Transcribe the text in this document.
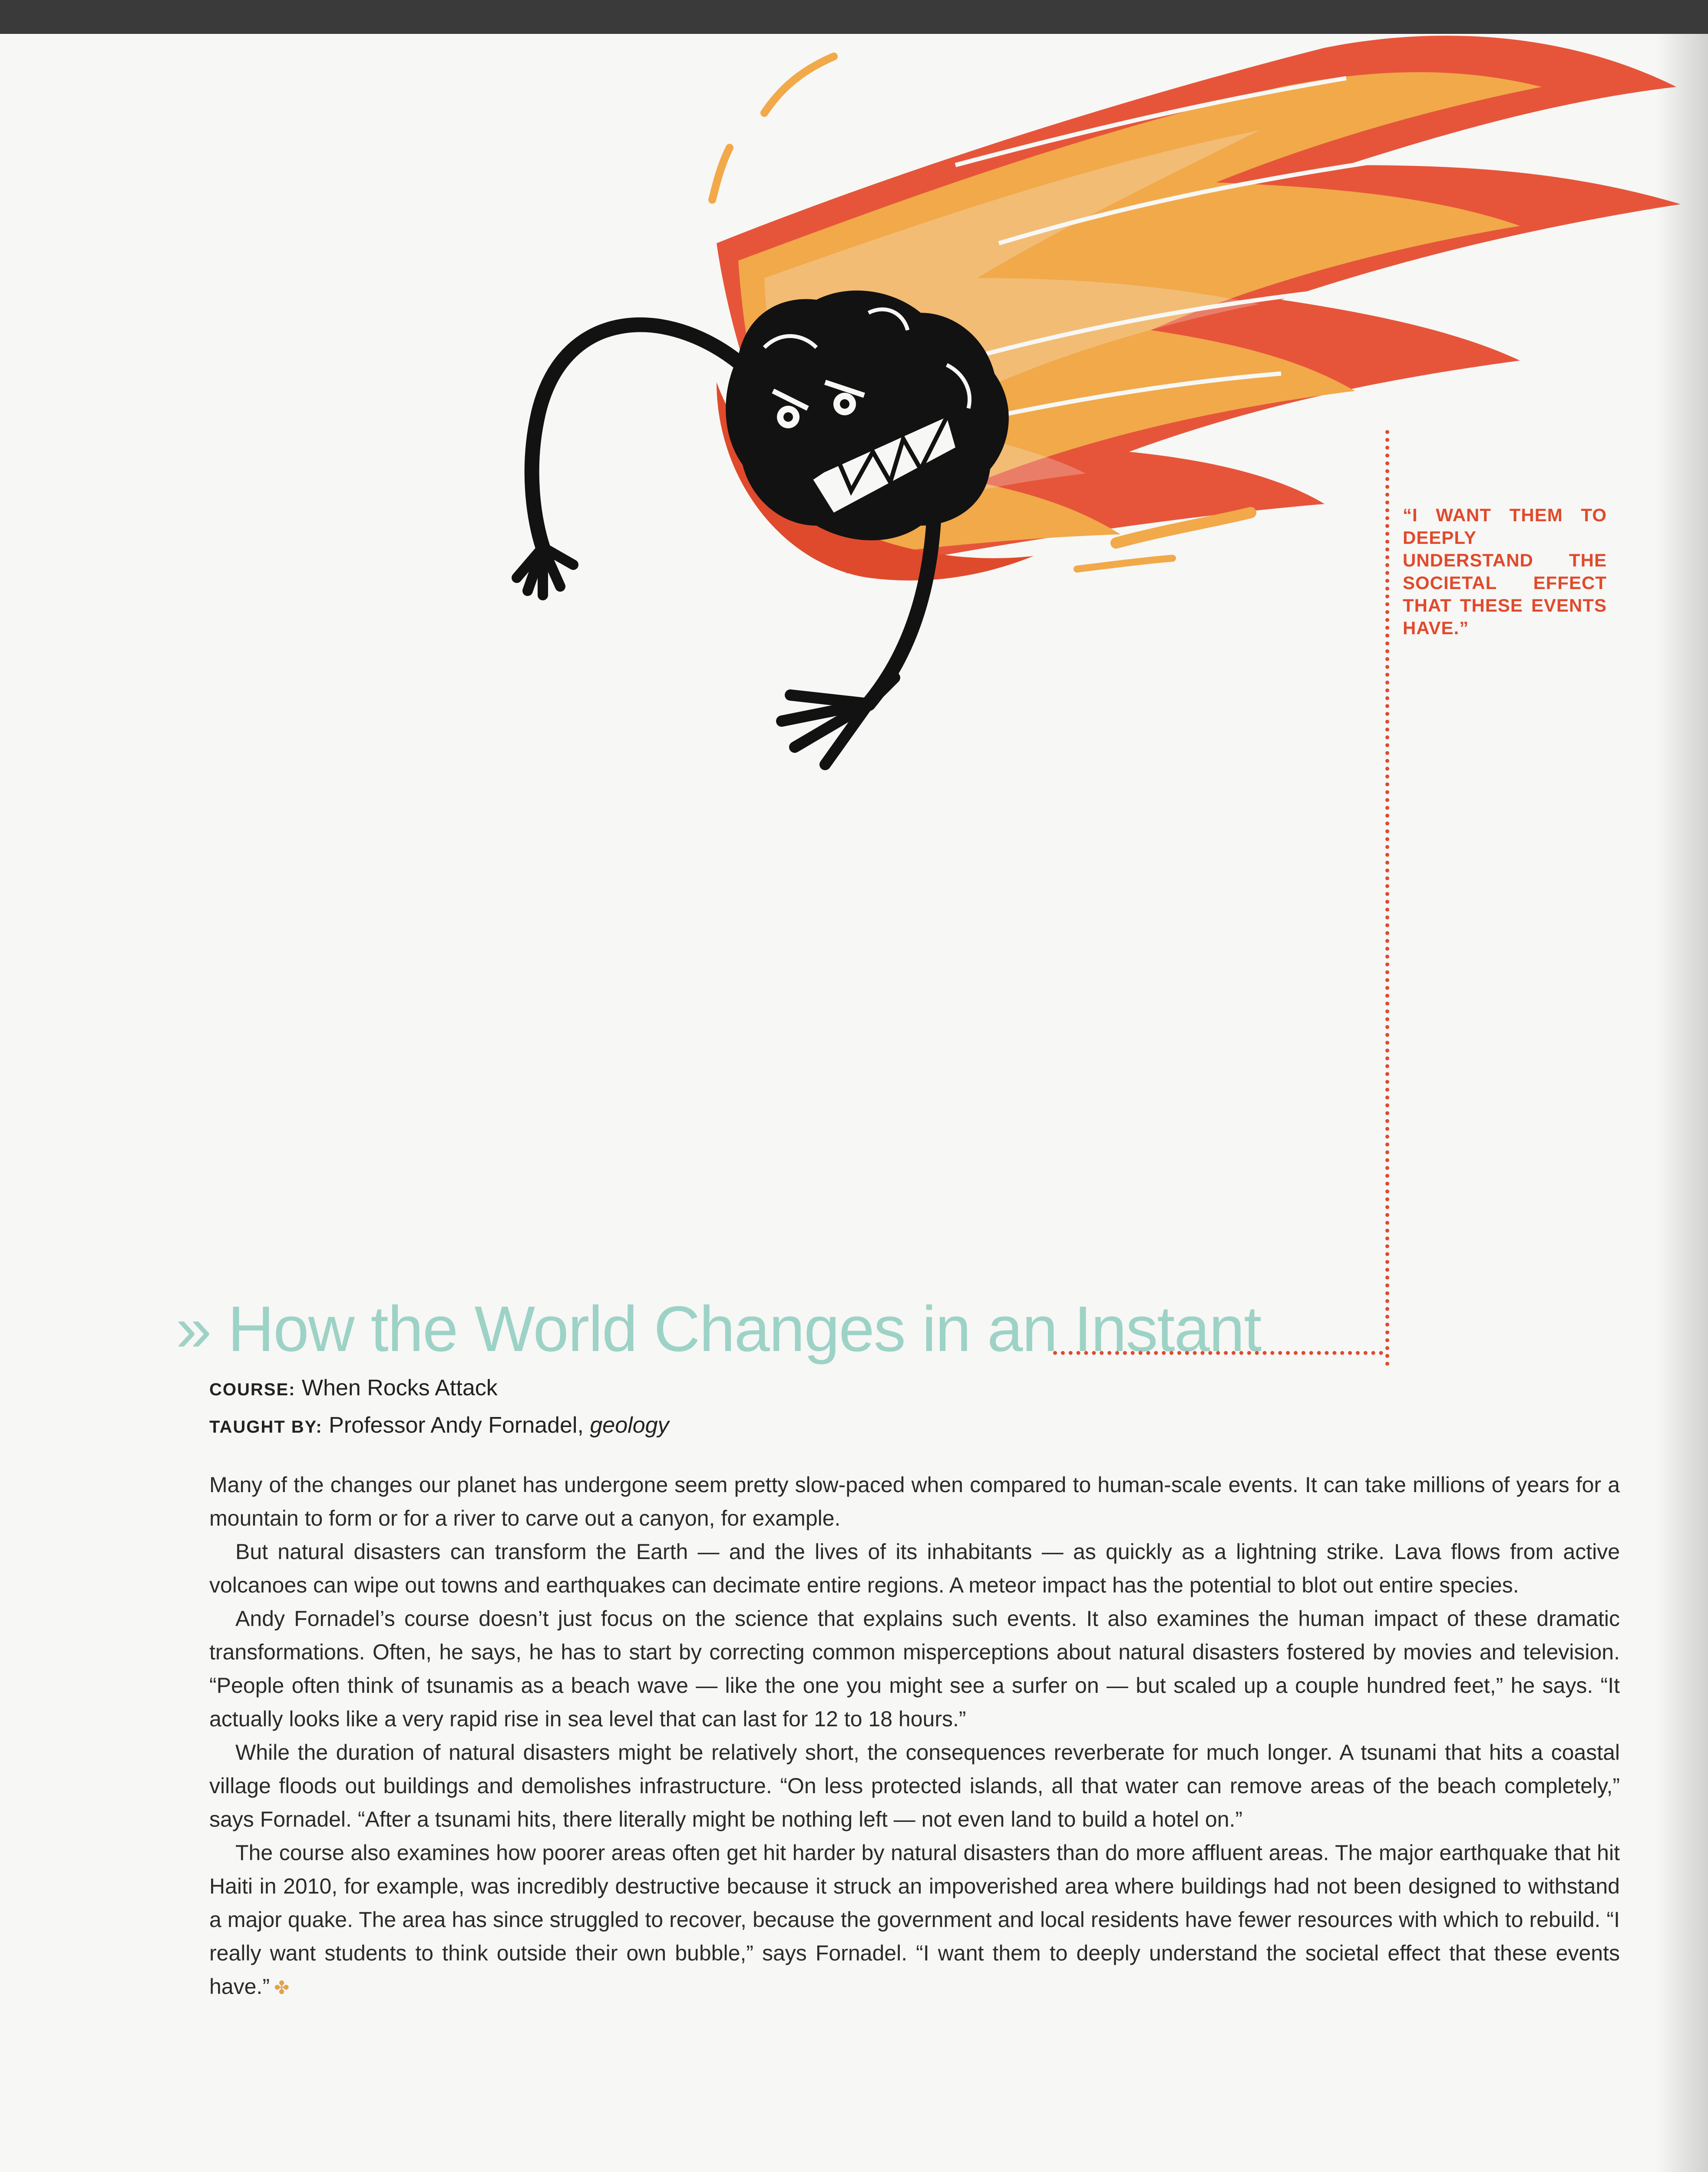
“I WANT THEM TO DEEPLY UNDERSTAND THE SOCIETAL EFFECT THAT THESE EVENTS HAVE.”
» How the World Changes in an Instant
COURSE: When Rocks Attack
TAUGHT BY: Professor Andy Fornadel, geology

Many of the changes our planet has undergone seem pretty slow-paced when compared to human-scale events. It can take millions of years for a mountain to form or for a river to carve out a canyon, for example.

But natural disasters can transform the Earth — and the lives of its inhabitants — as quickly as a lightning strike. Lava flows from active volcanoes can wipe out towns and earthquakes can decimate entire regions. A meteor impact has the potential to blot out entire species.

Andy Fornadel’s course doesn’t just focus on the science that explains such events. It also examines the human impact of these dramatic transformations. Often, he says, he has to start by correcting common misperceptions about natural disasters fostered by movies and television. “People often think of tsunamis as a beach wave — like the one you might see a surfer on — but scaled up a couple hundred feet,” he says. “It actually looks like a very rapid rise in sea level that can last for 12 to 18 hours.”

While the duration of natural disasters might be relatively short, the consequences reverberate for much longer. A tsunami that hits a coastal village floods out buildings and demolishes infrastructure. “On less protected islands, all that water can remove areas of the beach completely,” says Fornadel. “After a tsunami hits, there literally might be nothing left — not even land to build a hotel on.”

The course also examines how poorer areas often get hit harder by natural disasters than do more affluent areas. The major earthquake that hit Haiti in 2010, for example, was incredibly destructive because it struck an impoverished area where buildings had not been designed to withstand a major quake. The area has since struggled to recover, because the government and local residents have fewer resources with which to rebuild. “I really want students to think outside their own bubble,” says Fornadel. “I want them to deeply understand the societal effect that these events have.” ✤
